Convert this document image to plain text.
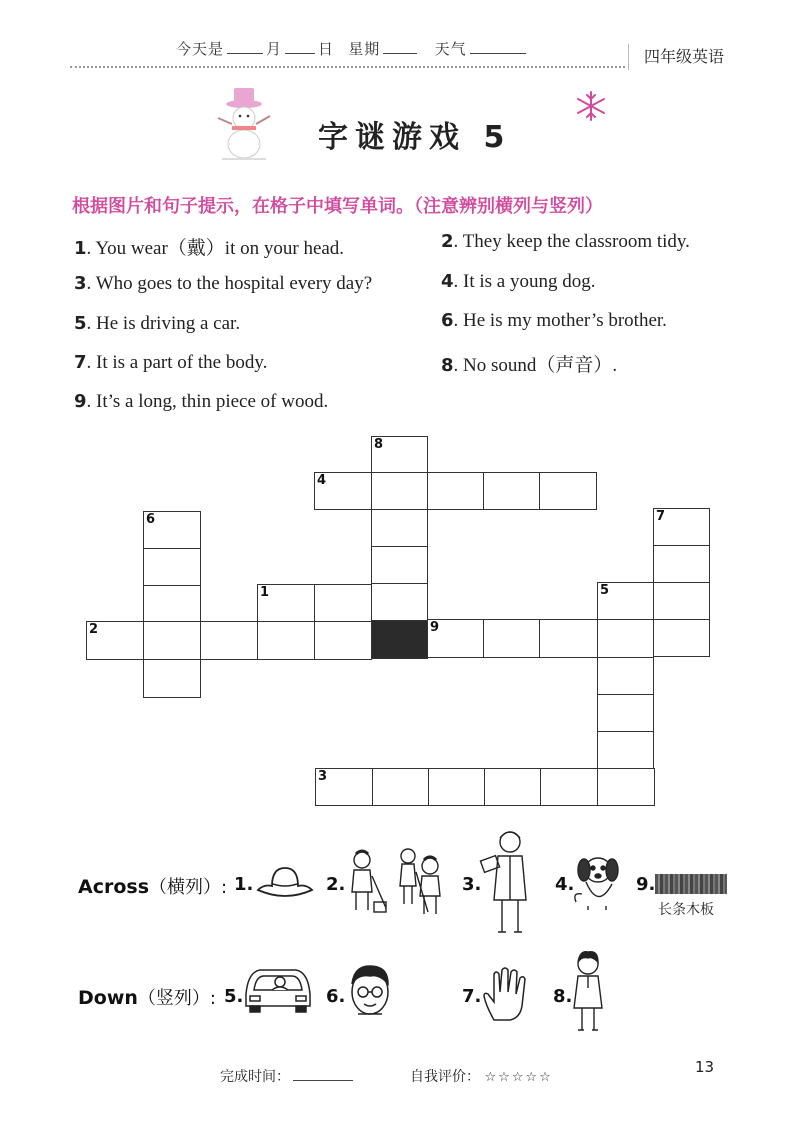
今天是	月 日 星期	天气	四年级英语
字谜游戏 5
根据图片和句子提示，在格子中填写单词。（注意辨别横列与竖列）
1. You wear（戴）it on your head.	2. They keep the classroom tidy.
3. Who goes to the hospital every day?	4. It is a young dog.
5. He is driving a car.	6. He is my mother’s brother.
7. It is a part of the body.	8. No sound（声音）.
9. It’s a long, thin piece of wood.
8
4
6	7
1	5
2	9
3
Across（横列）: 1.	2.	3.	4.	9.
长条木板
Down（竖列）: 5.	6.	7.	8.
完成时间：	自我评价： ☆☆☆☆☆
13
